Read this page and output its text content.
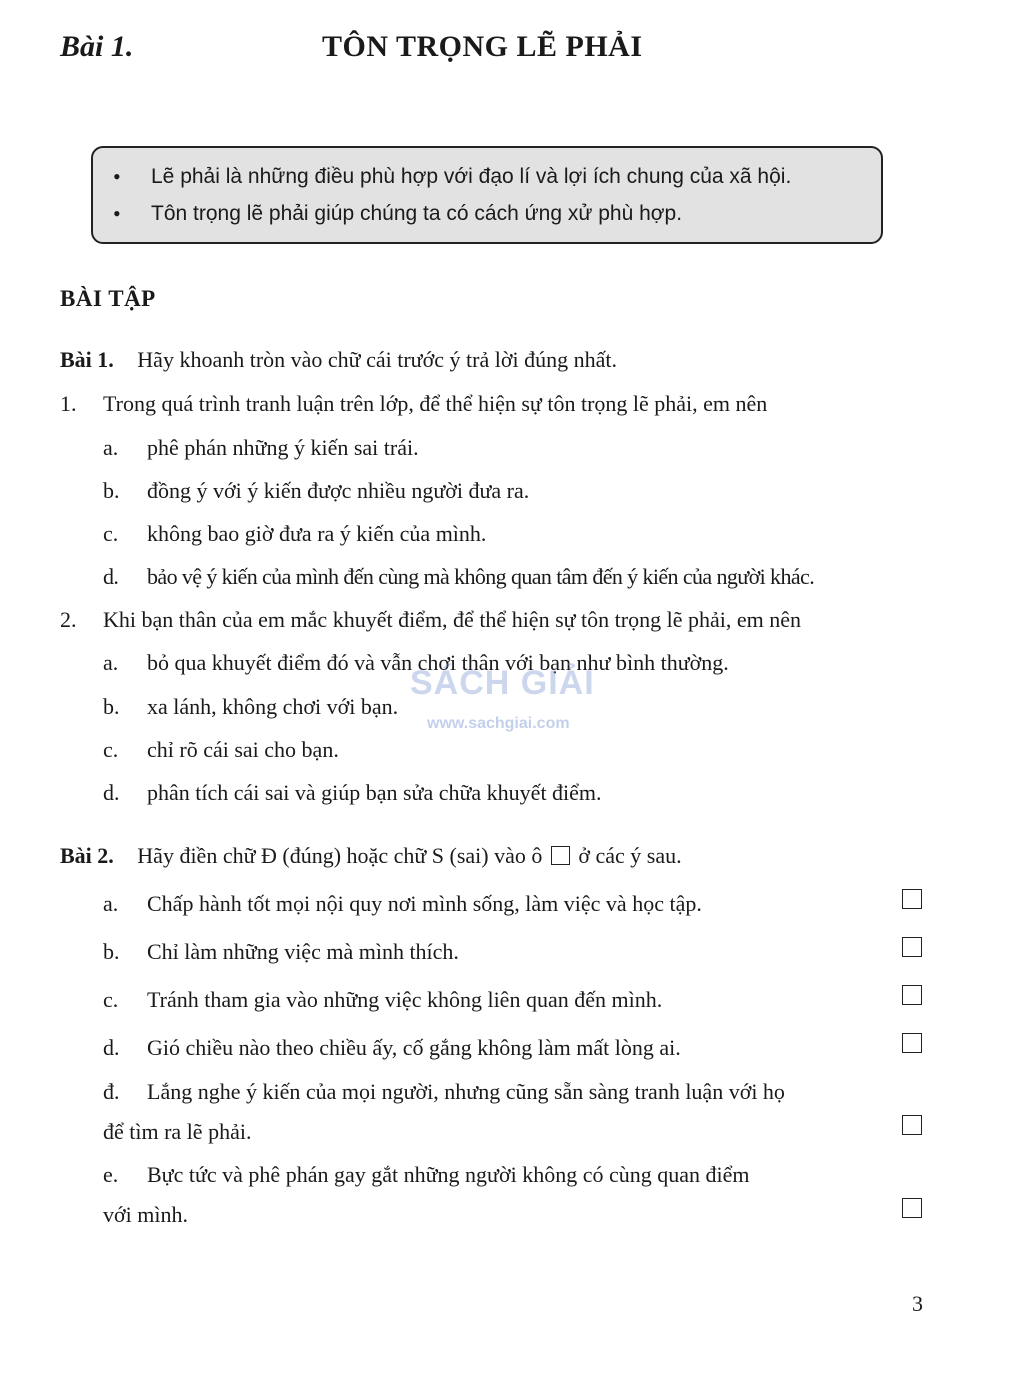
Bài 1.	TÔN TRỌNG LẼ PHẢI
• Lẽ phải là những điều phù hợp với đạo lí và lợi ích chung của xã hội.
• Tôn trọng lẽ phải giúp chúng ta có cách ứng xử phù hợp.
BÀI TẬP
Bài 1. Hãy khoanh tròn vào chữ cái trước ý trả lời đúng nhất.
1. Trong quá trình tranh luận trên lớp, để thể hiện sự tôn trọng lẽ phải, em nên
a. phê phán những ý kiến sai trái.
b. đồng ý với ý kiến được nhiều người đưa ra.
c. không bao giờ đưa ra ý kiến của mình.
d. bảo vệ ý kiến của mình đến cùng mà không quan tâm đến ý kiến của người khác.
2. Khi bạn thân của em mắc khuyết điểm, để thể hiện sự tôn trọng lẽ phải, em nên
a. bỏ qua khuyết điểm đó và vẫn chơi thân với bạn như bình thường.
b. xa lánh, không chơi với bạn.
c. chỉ rõ cái sai cho bạn.
d. phân tích cái sai và giúp bạn sửa chữa khuyết điểm.
SÁCH GIẢI
www.sachgiai.com
Bài 2. Hãy điền chữ Đ (đúng) hoặc chữ S (sai) vào ô ở các ý sau.
a. Chấp hành tốt mọi nội quy nơi mình sống, làm việc và học tập.
b. Chỉ làm những việc mà mình thích.
c. Tránh tham gia vào những việc không liên quan đến mình.
d. Gió chiều nào theo chiều ấy, cố gắng không làm mất lòng ai.
đ. Lắng nghe ý kiến của mọi người, nhưng cũng sẵn sàng tranh luận với họ
để tìm ra lẽ phải.
e. Bực tức và phê phán gay gắt những người không có cùng quan điểm
với mình.
3
